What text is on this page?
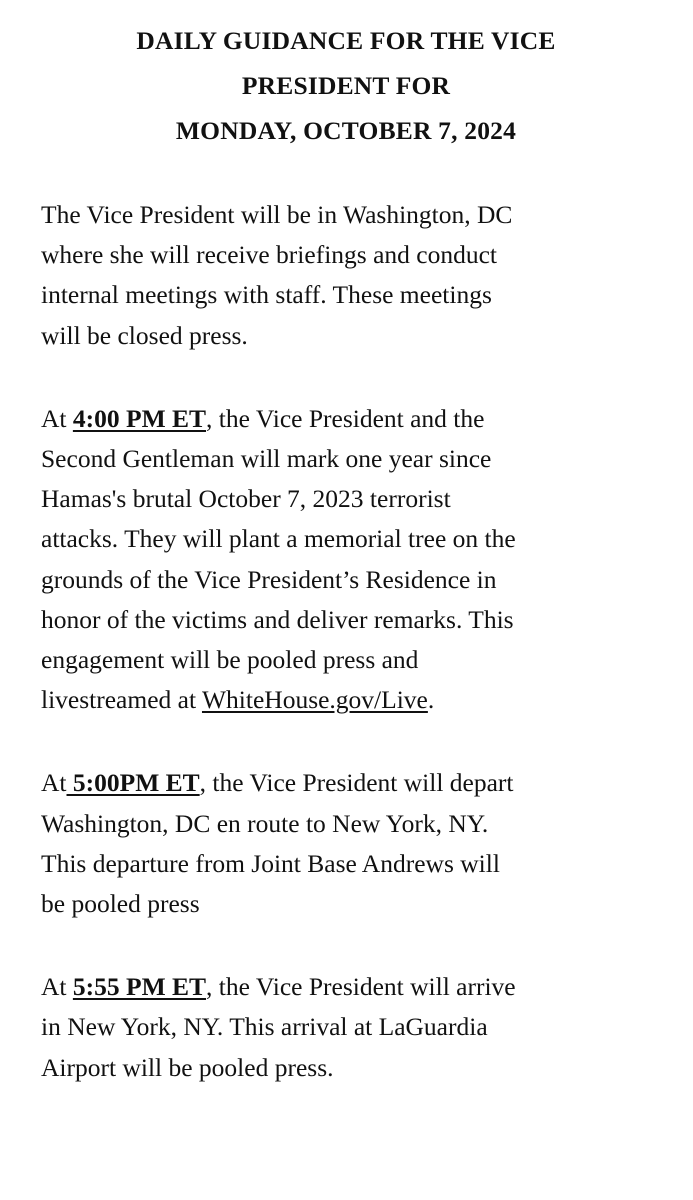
DAILY GUIDANCE FOR THE VICE
PRESIDENT FOR
MONDAY, OCTOBER 7, 2024
The Vice President will be in Washington, DC
where she will receive briefings and conduct
internal meetings with staff. These meetings
will be closed press.
At 4:00 PM ET, the Vice President and the
Second Gentleman will mark one year since
Hamas's brutal October 7, 2023 terrorist
attacks. They will plant a memorial tree on the
grounds of the Vice President’s Residence in
honor of the victims and deliver remarks. This
engagement will be pooled press and
livestreamed at WhiteHouse.gov/Live.
At 5:00PM ET, the Vice President will depart
Washington, DC en route to New York, NY.
This departure from Joint Base Andrews will
be pooled press
At 5:55 PM ET, the Vice President will arrive
in New York, NY. This arrival at LaGuardia
Airport will be pooled press.
